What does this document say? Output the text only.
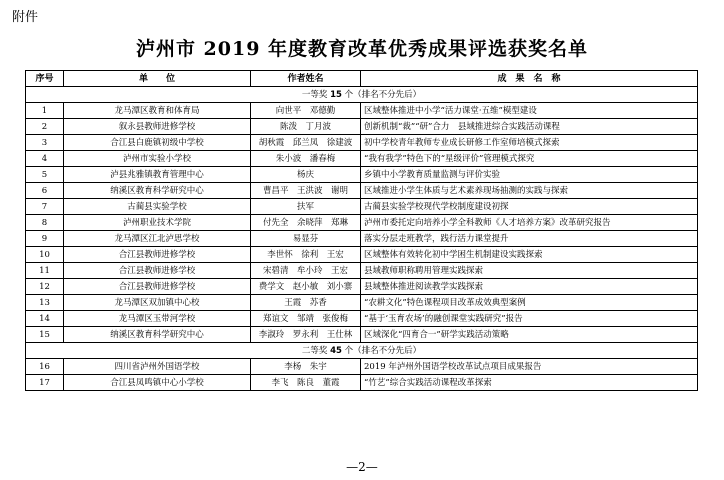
附件
泸州市 2019 年度教育改革优秀成果评选获奖名单
序号	单　　位	作者姓名	成　果　名　称
一等奖 15 个（排名不分先后）			
1	龙马潭区教育和体育局	向世平　邓德勤	区域整体推进中小学“活力课堂·五维”模型建设
2	叙永县教师进修学校	陈泼　丁月波	创新机制“裁”“研”合力　县域推进综合实践活动课程
3	合江县白鹿镇初级中学校	胡秋霞　邱兰凤　徐建波	初中学校青年教师专业成长研修工作室师培模式探索
4	泸州市实验小学校	朱小波　潘春梅	“我有我学”特色下的“星级评价”管理模式探究
5	泸县兆雅镇教育管理中心	杨庆	乡镇中小学教育质量监测与评价实验
6	纳溪区教育科学研究中心	曹昌平　王洪波　谢明	区域推进小学生体质与艺术素养现场抽测的实践与探索
7	古蔺县实验学校	扶军	古蔺县实验学校现代学校制度建设初探
8	泸州职业技术学院	付先全　余晓萍　郑琳	泸州市委托定向培养小学全科教师《人才培养方案》改革研究报告
9	龙马潭区江北泸思学校	易显芬	落实分层走班教学，践行活力课堂提升
10	合江县教师进修学校	李世怀　徐利　王宏	区域整体有效转化初中学困生机制建设实践探索
11	合江县教师进修学校	宋碧清　牟小玲　王宏	县域教师职称聘用管理实践探索
12	合江县教师进修学校	费学文　赵小敏　刘小寨	县域整体推进阅读教学实践探索
13	龙马潭区双加镇中心校	王霞　苏香	“农耕文化”特色课程项目改革成效典型案例
14	龙马潭区玉带河学校	郑谊文　邹靖　张俊梅	“基于‘玉育农场’的融创课堂实践研究”报告
15	纳溪区教育科学研究中心	李淑玲　罗永利　王仕林	区域深化“四育合一”研学实践活动策略
二等奖 45 个（排名不分先后）			
16	四川省泸州外国语学校	李杨　朱宇	2019 年泸州外国语学校改革试点项目成果报告
17	合江县凤鸣镇中心小学校	李飞　陈良　董霞	“竹艺”综合实践活动课程改革探索
—2—
